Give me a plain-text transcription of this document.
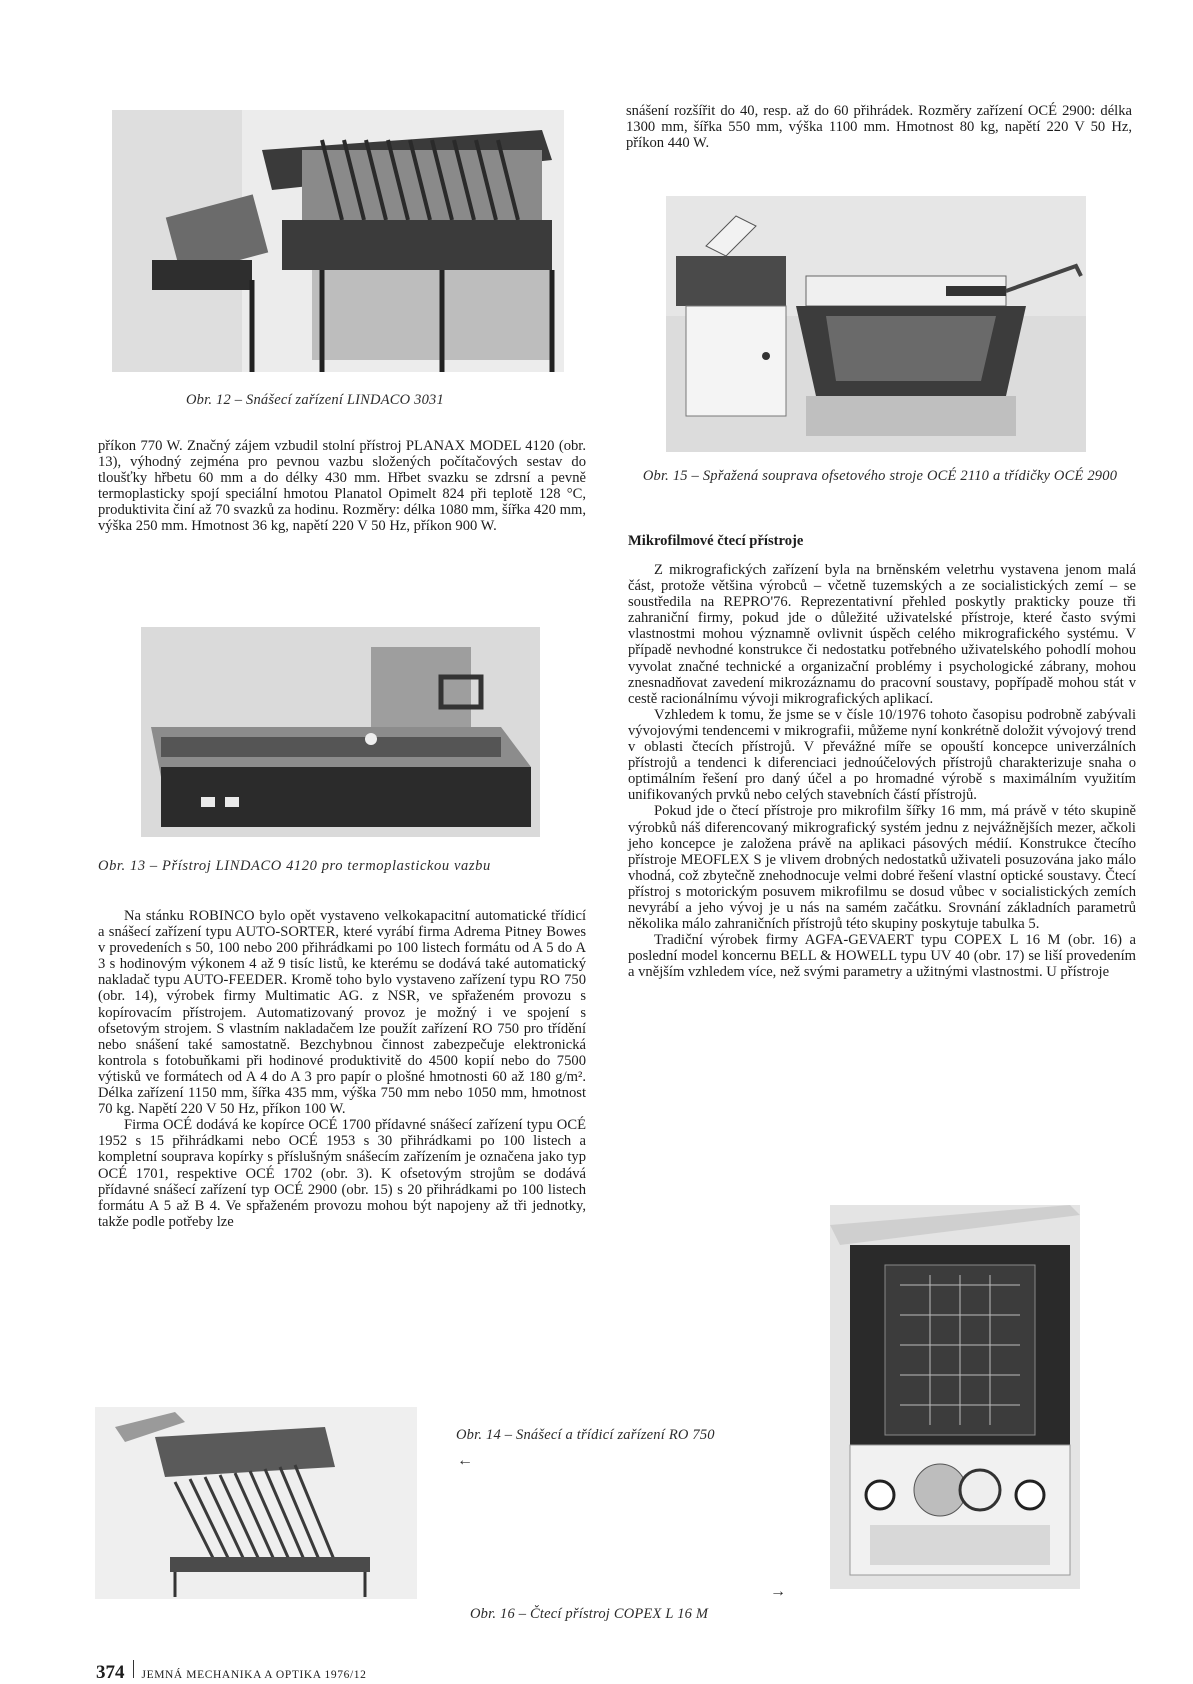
Obr. 12 – Snášecí zařízení LINDACO 3031

snášení rozšířit do 40, resp. až do 60 přihrádek. Rozměry zařízení OCÉ 2900: délka 1300 mm, šířka 550 mm, výška 1100 mm. Hmotnost 80 kg, napětí 220 V 50 Hz, příkon 440 W.

Obr. 15 – Spřažená souprava ofsetového stroje OCÉ 2110 a třídičky OCÉ 2900

příkon 770 W. Značný zájem vzbudil stolní přístroj PLANAX MODEL 4120 (obr. 13), výhodný zejména pro pevnou vazbu složených počítačových sestav do tloušťky hřbetu 60 mm a do délky 430 mm. Hřbet svazku se zdrsní a pevně termoplasticky spojí speciální hmotou Planatol Opimelt 824 při teplotě 128 °C, produktivita činí až 70 svazků za hodinu. Rozměry: délka 1080 mm, šířka 420 mm, výška 250 mm. Hmotnost 36 kg, napětí 220 V 50 Hz, příkon 900 W.

Obr. 13 – Přístroj LINDACO 4120 pro termoplastickou vazbu

Na stánku ROBINCO bylo opět vystaveno velkokapacitní automatické třídicí a snášecí zařízení typu AUTO-SORTER, které vyrábí firma Adrema Pitney Bowes v provedeních s 50, 100 nebo 200 přihrádkami po 100 listech formátu od A 5 do A 3 s hodinovým výkonem 4 až 9 tisíc listů, ke kterému se dodává také automatický nakladač typu AUTO-FEEDER. Kromě toho bylo vystaveno zařízení typu RO 750 (obr. 14), výrobek firmy Multimatic AG. z NSR, ve spřaženém provozu s kopírovacím přístrojem. Automatizovaný provoz je možný i ve spojení s ofsetovým strojem. S vlastním nakladačem lze použít zařízení RO 750 pro třídění nebo snášení také samostatně. Bezchybnou činnost zabezpečuje elektronická kontrola s fotobuňkami při hodinové produktivitě do 4500 kopií nebo do 7500 výtisků ve formátech od A 4 do A 3 pro papír o plošné hmotnosti 60 až 180 g/m². Délka zařízení 1150 mm, šířka 435 mm, výška 750 mm nebo 1050 mm, hmotnost 70 kg. Napětí 220 V 50 Hz, příkon 100 W.

Firma OCÉ dodává ke kopírce OCÉ 1700 přídavné snášecí zařízení typu OCÉ 1952 s 15 přihrádkami nebo OCÉ 1953 s 30 přihrádkami po 100 listech a kompletní souprava kopírky s příslušným snášecím zařízením je označena jako typ OCÉ 1701, respektive OCÉ 1702 (obr. 3). K ofsetovým strojům se dodává přídavné snášecí zařízení typ OCÉ 2900 (obr. 15) s 20 přihrádkami po 100 listech formátu A 5 až B 4. Ve spřaženém provozu mohou být napojeny až tři jednotky, takže podle potřeby lze

Mikrofilmové čtecí přístroje

Z mikrografických zařízení byla na brněnském veletrhu vystavena jenom malá část, protože většina výrobců – včetně tuzemských a ze socialistických zemí – se soustředila na REPRO'76. Reprezentativní přehled poskytly prakticky pouze tři zahraniční firmy, pokud jde o důležité uživatelské přístroje, které často svými vlastnostmi mohou významně ovlivnit úspěch celého mikrografického systému. V případě nevhodné konstrukce či nedostatku potřebného uživatelského pohodlí mohou vyvolat značné technické a organizační problémy i psychologické zábrany, mohou znesnadňovat zavedení mikrozáznamu do pracovní soustavy, popřípadě mohou stát v cestě racionálnímu vývoji mikrografických aplikací.

Vzhledem k tomu, že jsme se v čísle 10/1976 tohoto časopisu podrobně zabývali vývojovými tendencemi v mikrografii, můžeme nyní konkrétně doložit vývojový trend v oblasti čtecích přístrojů. V převážné míře se opouští koncepce univerzálních přístrojů a tendenci k diferenciaci jednoúčelových přístrojů charakterizuje snaha o optimálním řešení pro daný účel a po hromadné výrobě s maximálním využitím unifikovaných prvků nebo celých stavebních částí přístrojů.

Pokud jde o čtecí přístroje pro mikrofilm šířky 16 mm, má právě v této skupině výrobků náš diferencovaný mikrografický systém jednu z nejvážnějších mezer, ačkoli jeho koncepce je založena právě na aplikaci pásových médií. Konstrukce čtecího přístroje MEOFLEX S je vlivem drobných nedostatků uživateli posuzována jako málo vhodná, což zbytečně znehodnocuje velmi dobré řešení vlastní optické soustavy. Čtecí přístroj s motorickým posuvem mikrofilmu se dosud vůbec v socialistických zemích nevyrábí a jeho vývoj je u nás na samém začátku. Srovnání základních parametrů několika málo zahraničních přístrojů této skupiny poskytuje tabulka 5.

Tradiční výrobek firmy AGFA-GEVAERT typu COPEX L 16 M (obr. 16) a poslední model koncernu BELL & HOWELL typu UV 40 (obr. 17) se liší provedením a vnějším vzhledem více, než svými parametry a užitnými vlastnostmi. U přístroje

Obr. 14 – Snášecí a třídicí zařízení RO 750
←
→
Obr. 16 – Čtecí přístroj COPEX L 16 M
374 JEMNÁ MECHANIKA A OPTIKA 1976/12
